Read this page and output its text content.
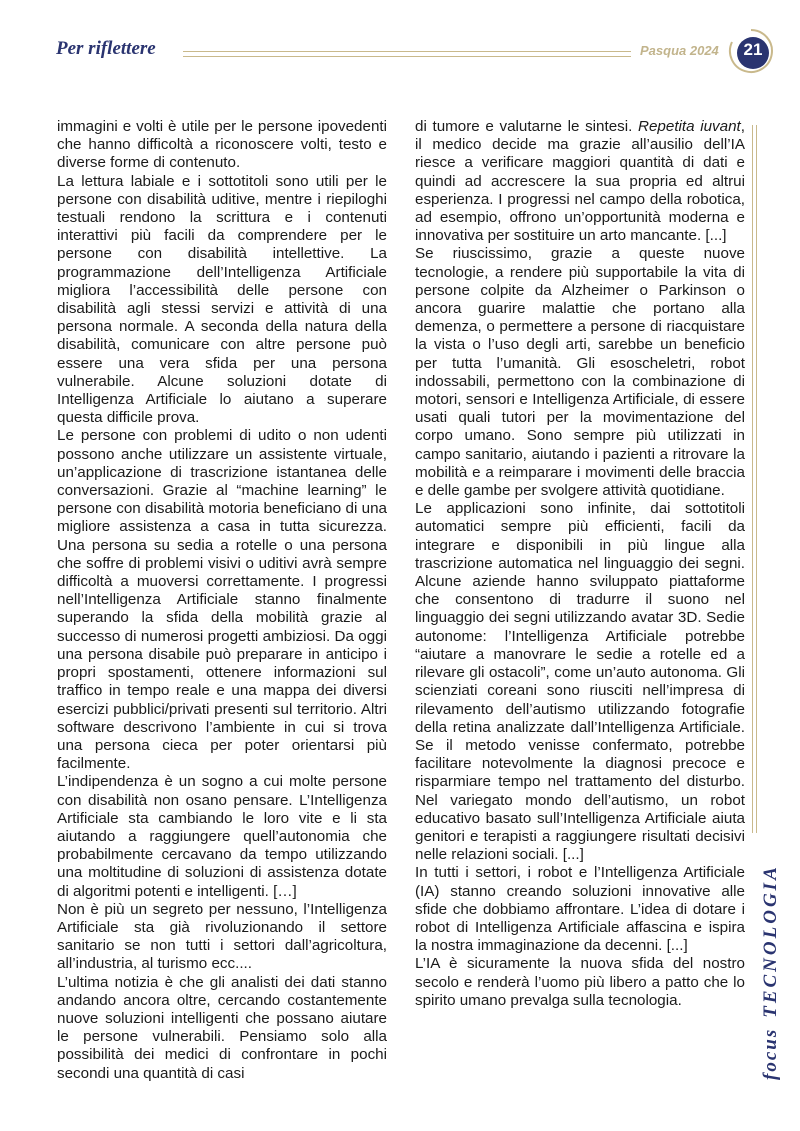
Per riflettere	Pasqua 2024	21

immagini e volti è utile per le persone ipovedenti che hanno difficoltà a riconoscere volti, testo e diverse forme di contenuto.

La lettura labiale e i sottotitoli sono utili per le persone con disabilità uditive, mentre i riepiloghi testuali rendono la scrittura e i contenuti interattivi più facili da comprendere per le persone con disabilità intellettive. La programmazione dell’Intelligenza Artificiale migliora l’accessibilità delle persone con disabilità agli stessi servizi e attività di una persona normale. A seconda della natura della disabilità, comunicare con altre persone può essere una vera sfida per una persona vulnerabile. Alcune soluzioni dotate di Intelligenza Artificiale lo aiutano a superare questa difficile prova.

Le persone con problemi di udito o non udenti possono anche utilizzare un assistente virtuale, un’applicazione di trascrizione istantanea delle conversazioni. Grazie al “machine learning” le persone con disabilità motoria beneficiano di una migliore assistenza a casa in tutta sicurezza. Una persona su sedia a rotelle o una persona che soffre di problemi visivi o uditivi avrà sempre difficoltà a muoversi correttamente. I progressi nell’Intelligenza Artificiale stanno finalmente superando la sfida della mobilità grazie al successo di numerosi progetti ambiziosi. Da oggi una persona disabile può preparare in anticipo i propri spostamenti, ottenere informazioni sul traffico in tempo reale e una mappa dei diversi esercizi pubblici/privati presenti sul territorio. Altri software descrivono l’ambiente in cui si trova una persona cieca per poter orientarsi più facilmente.

L’indipendenza è un sogno a cui molte persone con disabilità non osano pensare. L’Intelligenza Artificiale sta cambiando le loro vite e li sta aiutando a raggiungere quell’autonomia che probabilmente cercavano da tempo utilizzando una moltitudine di soluzioni di assistenza dotate di algoritmi potenti e intelligenti. […]

Non è più un segreto per nessuno, l’Intelligenza Artificiale sta già rivoluzionando il settore sanitario se non tutti i settori dall’agricoltura, all’industria, al turismo ecc....

L’ultima notizia è che gli analisti dei dati stanno andando ancora oltre, cercando costantemente nuove soluzioni intelligenti che possano aiutare le persone vulnerabili. Pensiamo solo alla possibilità dei medici di confrontare in pochi secondi una quantità di casi

di tumore e valutarne le sintesi. Repetita iuvant, il medico decide ma grazie all’ausilio dell’IA riesce a verificare maggiori quantità di dati e quindi ad accrescere la sua propria ed altrui esperienza. I progressi nel campo della robotica, ad esempio, offrono un’opportunità moderna e innovativa per sostituire un arto mancante. [...]

Se riuscissimo, grazie a queste nuove tecnologie, a rendere più supportabile la vita di persone colpite da Alzheimer o Parkinson o ancora guarire malattie che portano alla demenza, o permettere a persone di riacquistare la vista o l’uso degli arti, sarebbe un beneficio per tutta l’umanità. Gli esoscheletri, robot indossabili, permettono con la combinazione di motori, sensori e Intelligenza Artificiale, di essere usati quali tutori per la movimentazione del corpo umano. Sono sempre più utilizzati in campo sanitario, aiutando i pazienti a ritrovare la mobilità e a reimparare i movimenti delle braccia e delle gambe per svolgere attività quotidiane.

Le applicazioni sono infinite, dai sottotitoli automatici sempre più efficienti, facili da integrare e disponibili in più lingue alla trascrizione automatica nel linguaggio dei segni. Alcune aziende hanno sviluppato piattaforme che consentono di tradurre il suono nel linguaggio dei segni utilizzando avatar 3D. Sedie autonome: l’Intelligenza Artificiale potrebbe “aiutare a manovrare le sedie a rotelle ed a rilevare gli ostacoli”, come un’auto autonoma. Gli scienziati coreani sono riusciti nell’impresa di rilevamento dell’autismo utilizzando fotografie della retina analizzate dall’Intelligenza Artificiale. Se il metodo venisse confermato, potrebbe facilitare notevolmente la diagnosi precoce e risparmiare tempo nel trattamento del disturbo. Nel variegato mondo dell’autismo, un robot educativo basato sull’Intelligenza Artificiale aiuta genitori e terapisti a raggiungere risultati decisivi nelle relazioni sociali. [...]

In tutti i settori, i robot e l’Intelligenza Artificiale (IA) stanno creando soluzioni innovative alle sfide che dobbiamo affrontare. L’idea di dotare i robot di Intelligenza Artificiale affascina e ispira la nostra immaginazione da decenni. [...]

L’IA è sicuramente la nuova sfida del nostro secolo e renderà l’uomo più libero a patto che lo spirito umano prevalga sulla tecnologia.

focusTECNOLOGIA
